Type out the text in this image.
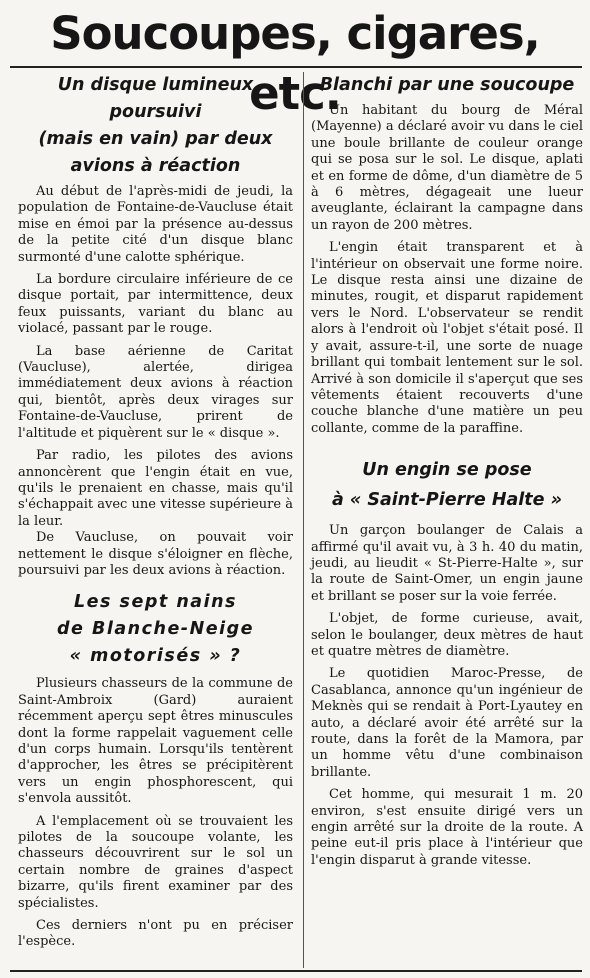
Soucoupes, cigares, etc.

Un disque lumineux poursuivi

(mais en vain) par deux

avions à réaction

Au début de l'après-midi de jeudi, la population de Fontaine-de-Vaucluse était mise en émoi par la présence au-dessus de la petite cité d'un disque blanc surmonté d'une calotte sphérique.

La bordure circulaire inférieure de ce disque portait, par intermittence, deux feux puissants, variant du blanc au violacé, passant par le rouge.

La base aérienne de Caritat (Vaucluse), alertée, dirigea immédiatement deux avions à réaction qui, bientôt, après deux virages sur Fontaine-de-Vaucluse, prirent de l'altitude et piquèrent sur le « disque ».

Par radio, les pilotes des avions annoncèrent que l'engin était en vue, qu'ils le prenaient en chasse, mais qu'il s'échappait avec une vitesse supérieure à la leur.

De Vaucluse, on pouvait voir nettement le disque s'éloigner en flèche, poursuivi par les deux avions à réaction.

Les sept nains

de Blanche-Neige

« motorisés » ?

Plusieurs chasseurs de la commune de Saint-Ambroix (Gard) auraient récemment aperçu sept êtres minuscules dont la forme rappelait vaguement celle d'un corps humain. Lorsqu'ils tentèrent d'approcher, les êtres se précipitèrent vers un engin phosphorescent, qui s'envola aussitôt.

A l'emplacement où se trouvaient les pilotes de la soucoupe volante, les chasseurs découvrirent sur le sol un certain nombre de graines d'aspect bizarre, qu'ils firent examiner par des spécialistes.

Ces derniers n'ont pu en préciser l'espèce.

Blanchi par une soucoupe

Un habitant du bourg de Méral (Mayenne) a déclaré avoir vu dans le ciel une boule brillante de couleur orange qui se posa sur le sol. Le disque, aplati et en forme de dôme, d'un diamètre de 5 à 6 mètres, dégageait une lueur aveuglante, éclairant la campagne dans un rayon de 200 mètres.

L'engin était transparent et à l'intérieur on observait une forme noire. Le disque resta ainsi une dizaine de minutes, rougit, et disparut rapidement vers le Nord. L'observateur se rendit alors à l'endroit où l'objet s'était posé. Il y avait, assure-t-il, une sorte de nuage brillant qui tombait lentement sur le sol. Arrivé à son domicile il s'aperçut que ses vêtements étaient recouverts d'une couche blanche d'une matière un peu collante, comme de la paraffine.

Un engin se pose

à « Saint-Pierre Halte »

Un garçon boulanger de Calais a affirmé qu'il avait vu, à 3 h. 40 du matin, jeudi, au lieudit « St-Pierre-Halte », sur la route de Saint-Omer, un engin jaune et brillant se poser sur la voie ferrée.

L'objet, de forme curieuse, avait, selon le boulanger, deux mètres de haut et quatre mètres de diamètre.

Le quotidien Maroc-Presse, de Casablanca, annonce qu'un ingénieur de Meknès qui se rendait à Port-Lyautey en auto, a déclaré avoir été arrêté sur la route, dans la forêt de la Mamora, par un homme vêtu d'une combinaison brillante.

Cet homme, qui mesurait 1 m. 20 environ, s'est ensuite dirigé vers un engin arrêté sur la droite de la route. A peine eut-il pris place à l'intérieur que l'engin disparut à grande vitesse.
